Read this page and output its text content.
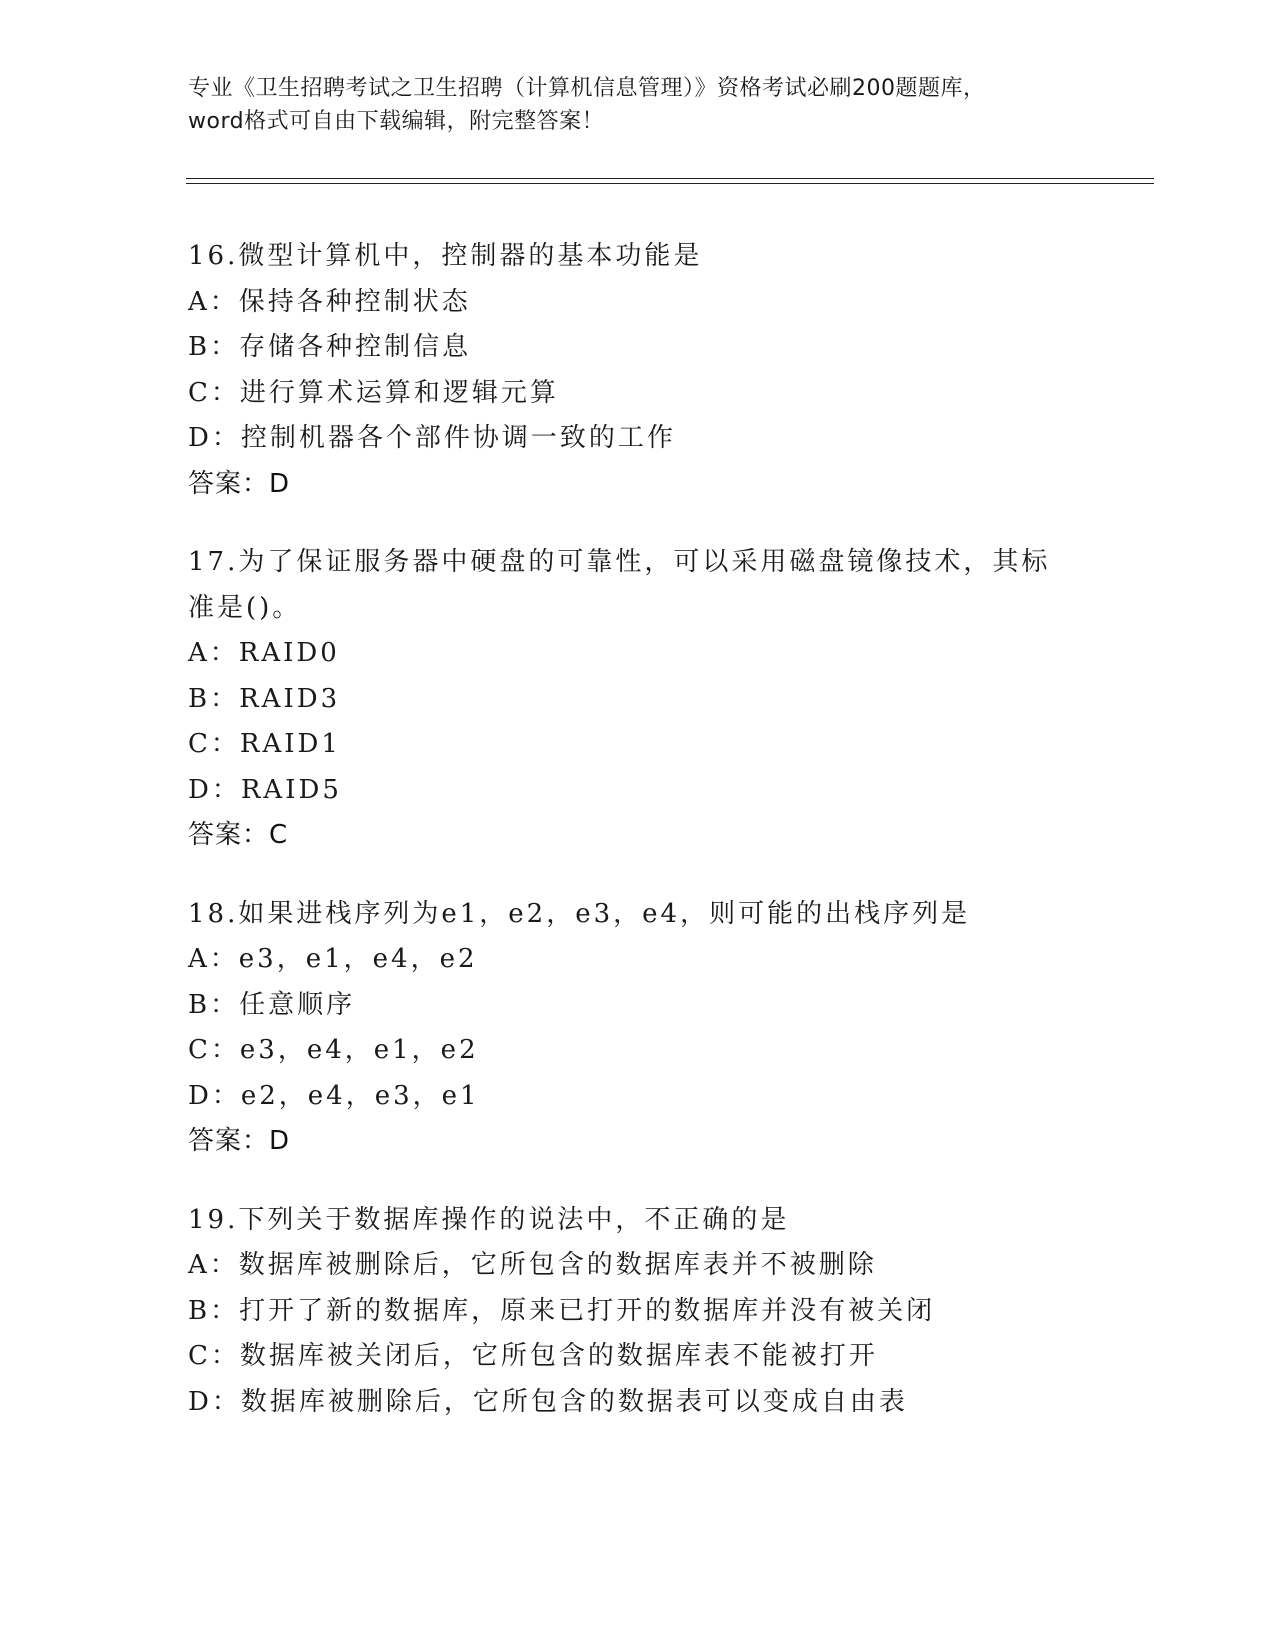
专业《卫生招聘考试之卫生招聘（计算机信息管理）》资格考试必刷200题题库，
word格式可自由下载编辑，附完整答案！
16.微型计算机中，控制器的基本功能是
A：保持各种控制状态
B：存储各种控制信息
C：进行算术运算和逻辑元算
D：控制机器各个部件协调一致的工作
答案：D
17.为了保证服务器中硬盘的可靠性，可以采用磁盘镜像技术，其标准是()。
A：RAID0
B：RAID3
C：RAID1
D：RAID5
答案：C
18.如果进栈序列为e1，e2，e3，e4，则可能的出栈序列是
A：e3，e1，e4，e2
B：任意顺序
C：e3，e4，e1，e2
D：e2，e4，e3，e1
答案：D
19.下列关于数据库操作的说法中，不正确的是
A：数据库被删除后，它所包含的数据库表并不被删除
B：打开了新的数据库，原来已打开的数据库并没有被关闭
C：数据库被关闭后，它所包含的数据库表不能被打开
D：数据库被删除后，它所包含的数据表可以变成自由表
